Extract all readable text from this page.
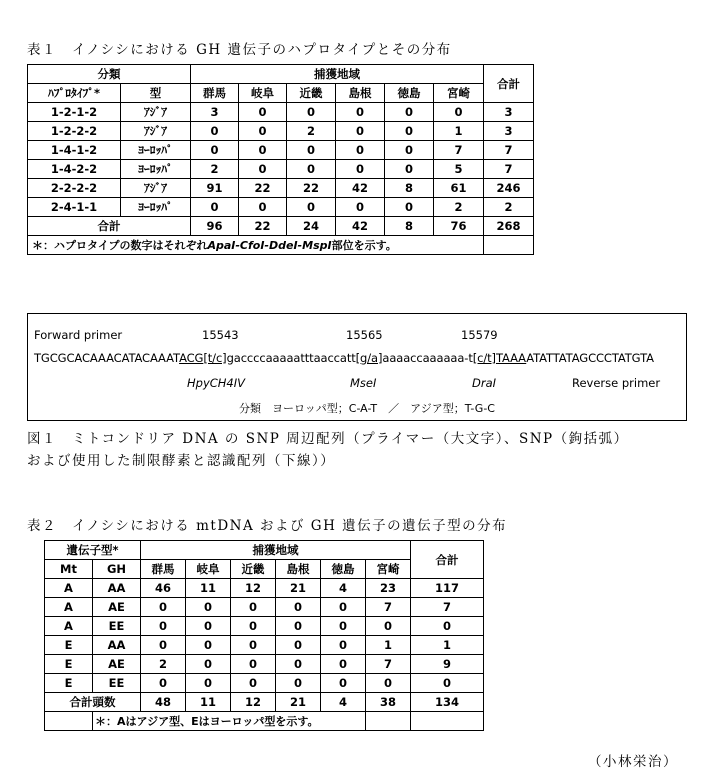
表１　イノシシにおける GH 遺伝子のハプロタイプとその分布
分類		捕獲地域						合計
ﾊﾌﾟﾛﾀｲﾌﾟ*	型	群馬	岐阜	近畿	島根	徳島	宮崎	
1-2-1-2	ｱｼﾞｱ	3	0	0	0	0	0	3
1-2-2-2	ｱｼﾞｱ	0	0	2	0	0	1	3
1-4-1-2	ﾖｰﾛｯﾊﾟ	0	0	0	0	0	7	7
1-4-2-2	ﾖｰﾛｯﾊﾟ	2	0	0	0	0	5	7
2-2-2-2	ｱｼﾞｱ	91	22	22	42	8	61	246
2-4-1-1	ﾖｰﾛｯﾊﾟ	0	0	0	0	0	2	2
合計		96	22	24	42	8	76	268
＊：ハプロタイプの数字はそれぞれApaI-CfoI-DdeI-MspI部位を示す。								
Forward primer	15543	15565	15579
TGCGCACAAACATACAAATACG[t/c]gaccccaaaaatttaaccatt[g/a]aaaaccaaaaaa-t[c/t]TAAAATATTATAGCCCTATGTA
HpyCH4IV	MseI	DraI	Reverse primer
分類　ヨーロッパ型；C-A-T　／　アジア型；T-G-C
図１　ミトコンドリア DNA の SNP 周辺配列（プライマー（大文字）、SNP（鉤括弧）
および使用した制限酵素と認識配列（下線））
表２　イノシシにおける mtDNA および GH 遺伝子の遺伝子型の分布
遺伝子型*		捕獲地域						合計
Mt	GH	群馬	岐阜	近畿	島根	徳島	宮崎	
A	AA	46	11	12	21	4	23	117
A	AE	0	0	0	0	0	7	7
A	EE	0	0	0	0	0	0	0
E	AA	0	0	0	0	0	1	1
E	AE	2	0	0	0	0	7	9
E	EE	0	0	0	0	0	0	0
合計頭数		48	11	12	21	4	38	134
	＊：Aはアジア型、Eはヨーロッパ型を示す。							
（小林栄治）
